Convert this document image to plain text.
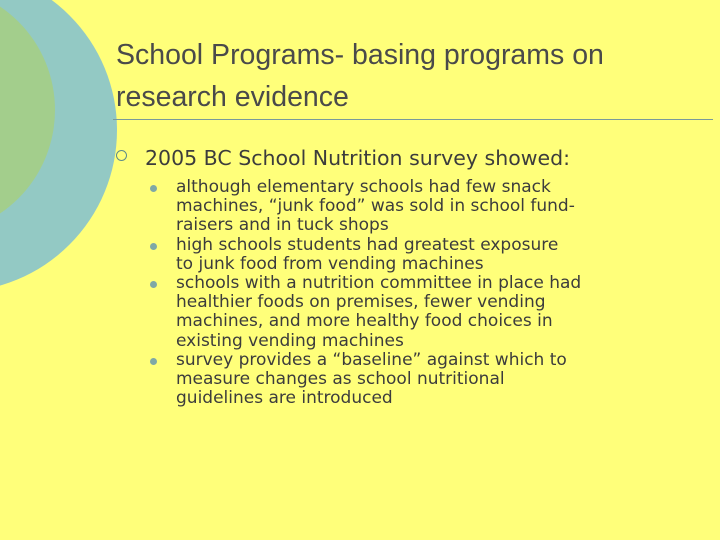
School Programs- basing programs on research evidence
2005 BC School Nutrition survey showed:
although elementary schools had few snack
machines, “junk food” was sold in school fund-
raisers and in tuck shops
high schools students had greatest exposure
to junk food from vending machines
schools with a nutrition committee in place had
healthier foods on premises, fewer vending
machines, and more healthy food choices in
existing vending machines
survey provides a “baseline” against which to
measure changes as school nutritional
guidelines are introduced
